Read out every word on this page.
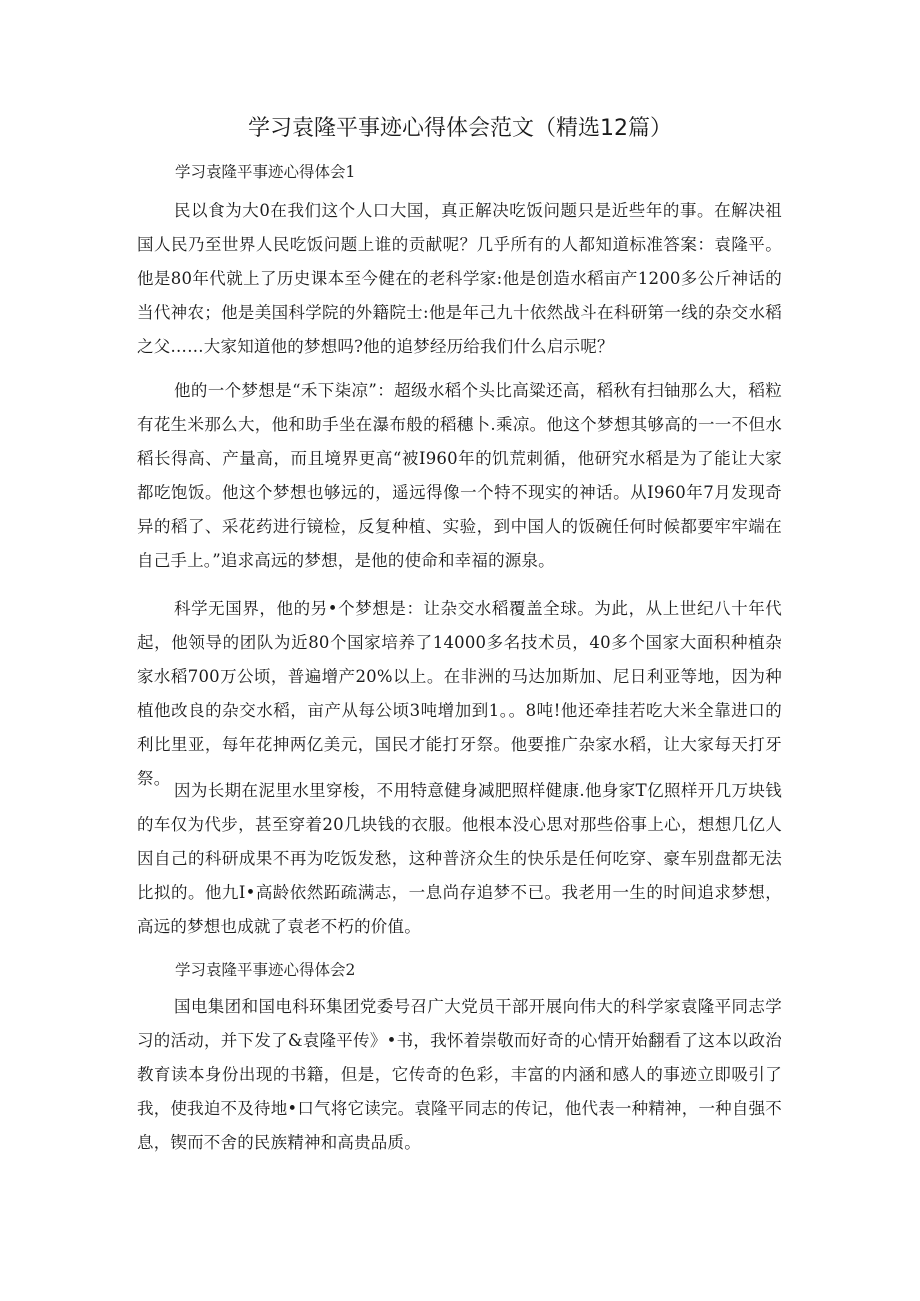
学习袁隆平事迹心得体会范文（精选12篇）
学习袁隆平事迹心得体会1

民以食为大0在我们这个人口大国，真正解决吃饭问题只是近些年的事。在解决祖国人民乃至世界人民吃饭问题上谁的贡献呢？几乎所有的人都知道标准答案：袁隆平。他是80年代就上了历史课本至今健在的老科学家:他是创造水稻亩产1200多公斤神话的当代神农；他是美国科学院的外籍院士:他是年己九十依然战斗在科研第一线的杂交水稻之父……大家知道他的梦想吗?他的追梦经历给我们什么启示呢？

他的一个梦想是“禾下柒凉”：超级水稻个头比高粱还高，稻秋有扫铀那么大，稻粒有花生米那么大，他和助手坐在瀑布般的稻穗卜.乘凉。他这个梦想其够高的一一不但水稻长得高、产量高，而且境界更高“被I960年的饥荒刺循，他研究水稻是为了能让大家都吃饱饭。他这个梦想也够远的，遥远得像一个特不现实的神话。从I960年7月发现奇异的稻了、采花药进行镜检，反复种植、实验，到中国人的饭碗任何时候都要牢牢端在自己手上。”追求高远的梦想，是他的使命和幸福的源泉。

科学无国界，他的另•个梦想是：让杂交水稻覆盖全球。为此，从上世纪八十年代起，他领导的团队为近80个国家培养了14000多名技术员，40多个国家大面积种植杂家水稻700万公顷，普遍增产20%以上。在非洲的马达加斯加、尼日利亚等地，因为种植他改良的杂交水稻，亩产从每公顷3吨增加到1。。8吨!他还牵挂若吃大米全靠进口的利比里亚，每年花抻两亿美元，国民才能打牙祭。他要推广杂家水稻，让大家每天打牙祭。

因为长期在泥里水里穿梭，不用特意健身减肥照样健康.他身家T亿照样开几万块钱的车仅为代步，甚至穿着20几块钱的衣服。他根本没心思对那些俗事上心，想想几亿人因自己的科研成果不再为吃饭发愁，这种普济众生的快乐是任何吃穿、豪车别盘都无法比拟的。他九I•高龄依然跖疏满志，一息尚存追梦不已。我老用一生的时间追求梦想，高远的梦想也成就了袁老不朽的价值。

学习袁隆平事迹心得体会2

国电集团和国电科环集团党委号召广大党员干部开展向伟大的科学家袁隆平同志学习的活动，并下发了&袁隆平传》•书，我怀着崇敬而好奇的心情开始翻看了这本以政治教育读本身份出现的书籍，但是，它传奇的色彩，丰富的内涵和感人的事迹立即吸引了我，使我迫不及待地•口气将它读完。袁隆平同志的传记，他代表一种精神，一种自强不息，锲而不舍的民族精神和高贵品质。
